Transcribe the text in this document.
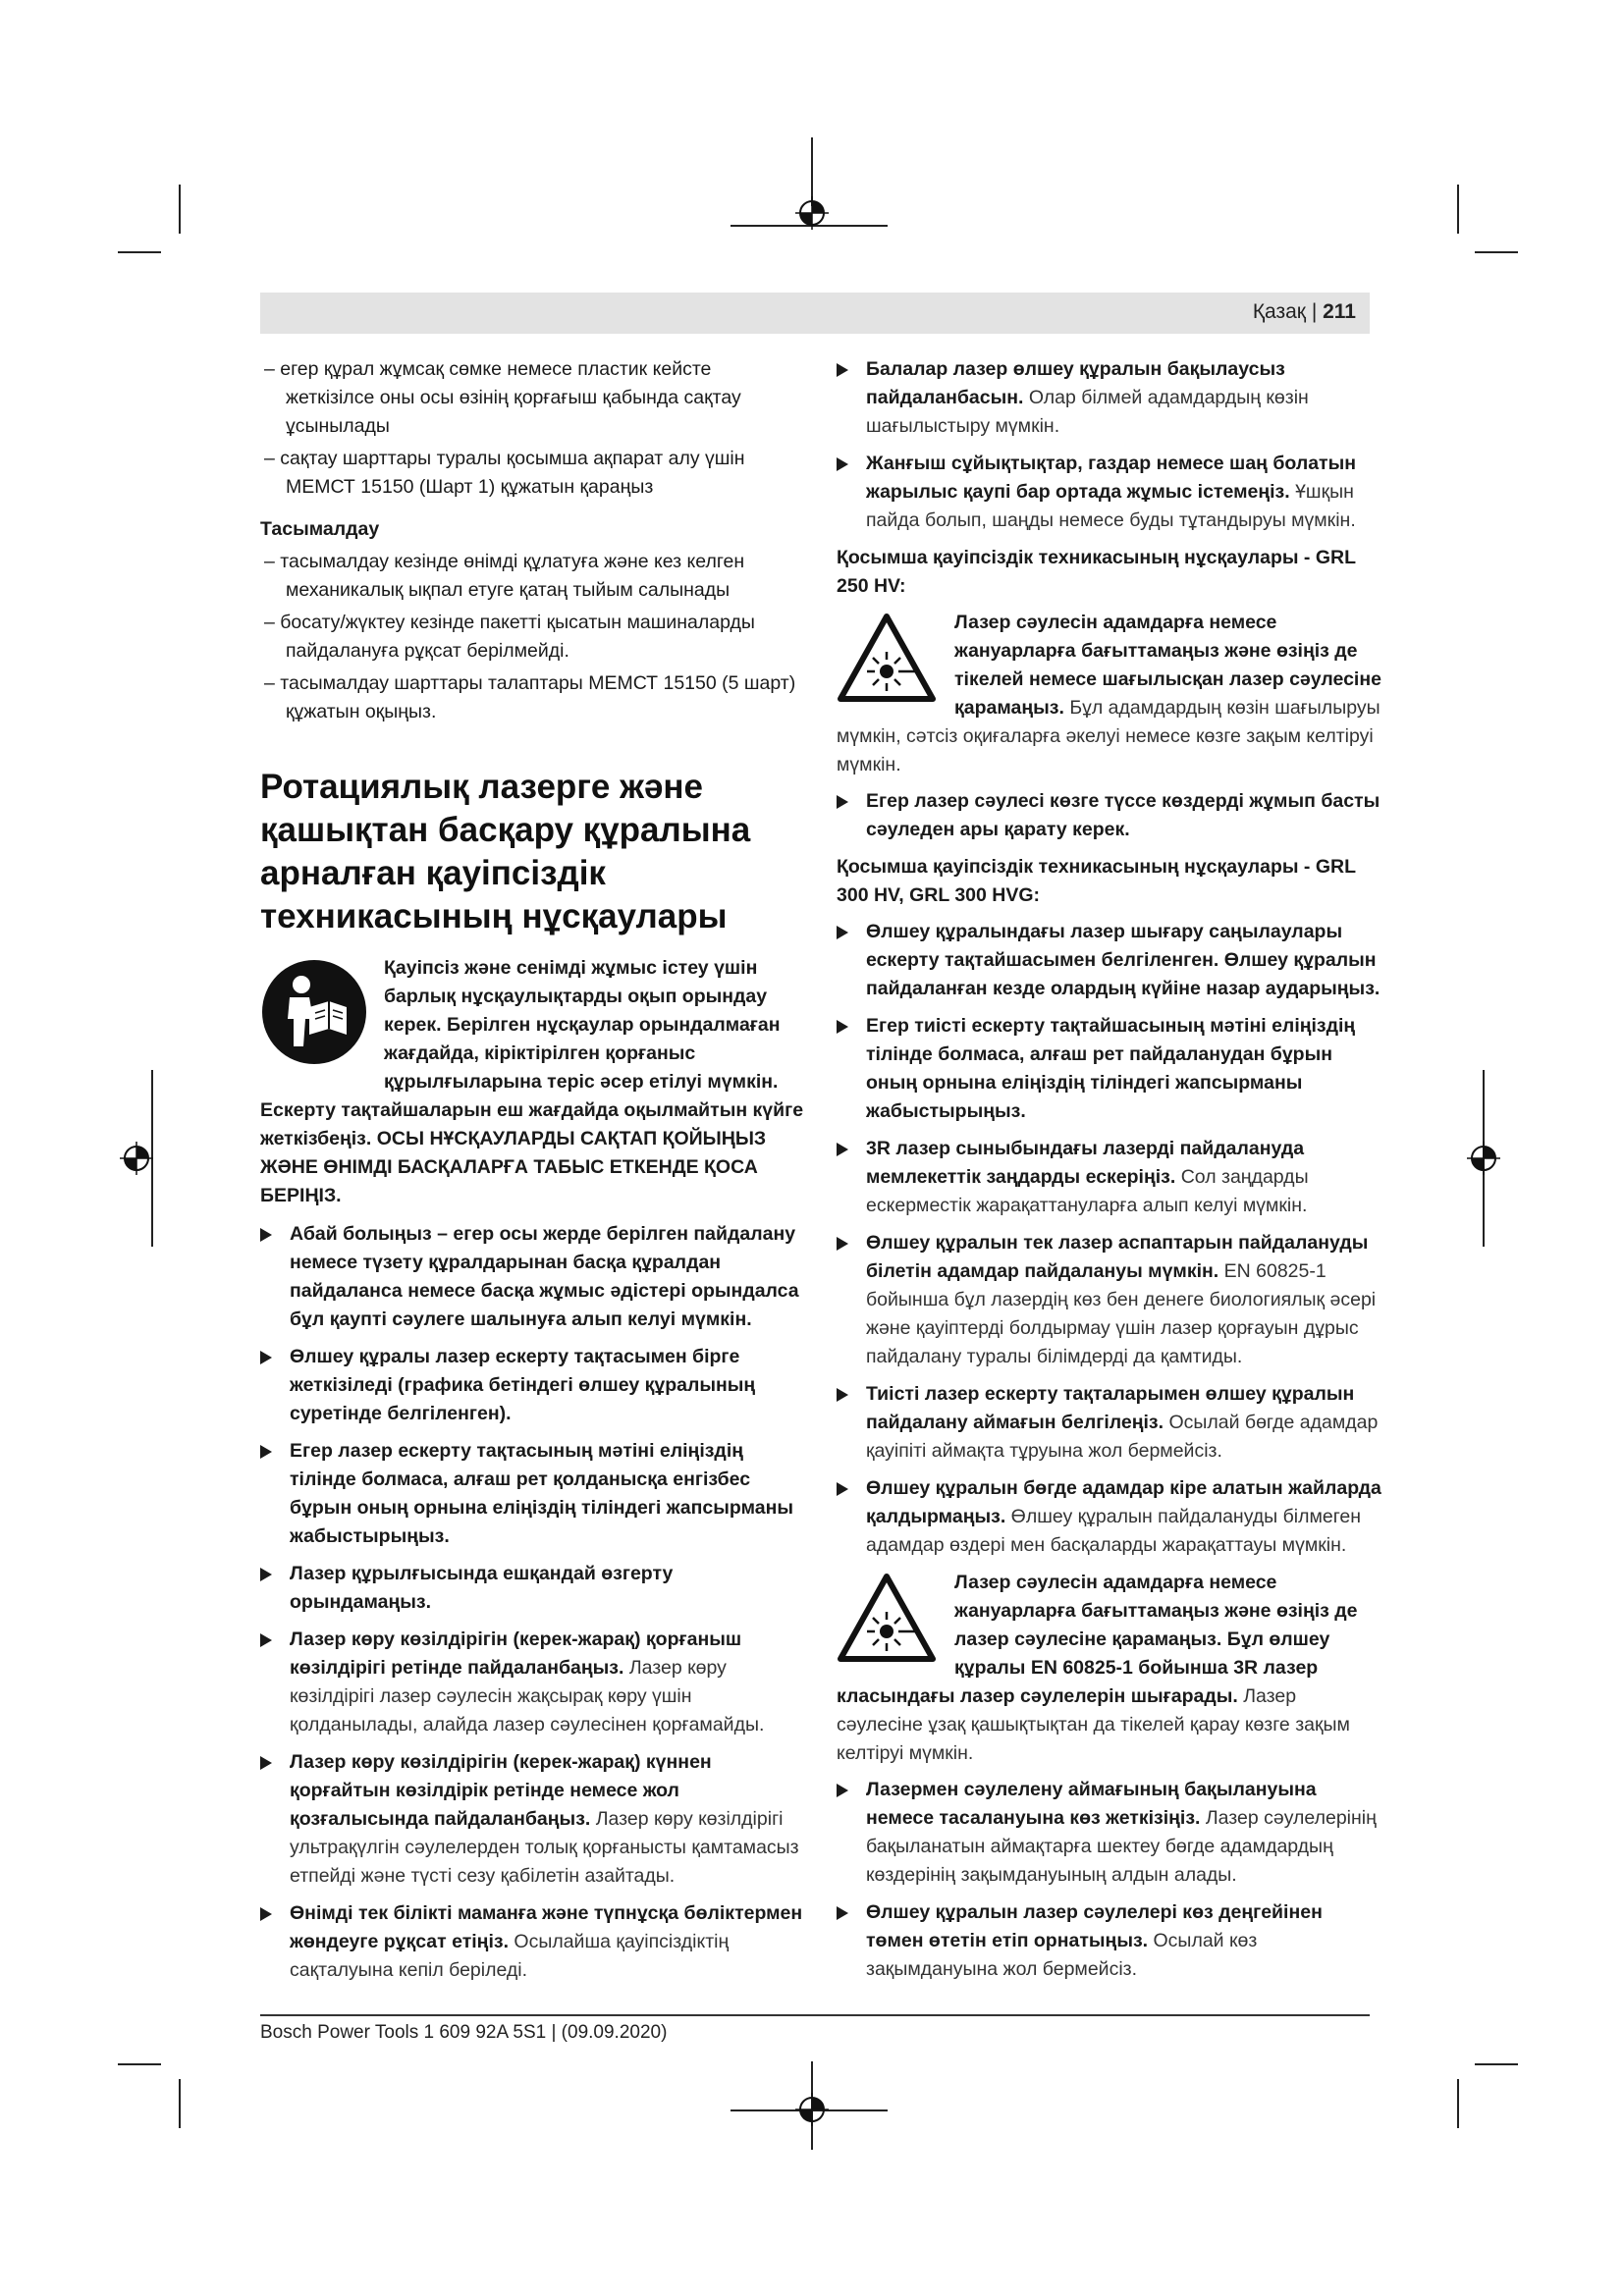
Қазақ | 211

– егер құрал жұмсақ сөмке немесе пластик кейсте жеткізілсе оны осы өзінің қорғағыш қабында сақтау ұсынылады

– сақтау шарттары туралы қосымша ақпарат алу үшін МЕМСТ 15150 (Шарт 1) құжатын қараңыз

Тасымалдау

– тасымалдау кезінде өнімді құлатуға және кез келген механикалық ықпал етуге қатаң тыйым салынады

– босату/жүктеу кезінде пакетті қысатын машиналарды пайдалануға рұқсат берілмейді.

– тасымалдау шарттары талаптары МЕМСТ 15150 (5 шарт) құжатын оқыңыз.

Ротациялық лазерге және қашықтан басқару құралына арналған қауіпсіздік техникасының нұсқаулары

Қауіпсіз және сенімді жұмыс істеу үшін барлық нұсқаулықтарды оқып орындау керек. Берілген нұсқаулар орындалмаған жағдайда, кіріктірілген қорғаныс құрылғыларына теріс әсер етілуі мүмкін. Ескерту тақтайшаларын еш жағдайда оқылмайтын күйге жеткізбеңіз. ОСЫ НҰСҚАУЛАРДЫ САҚТАП ҚОЙЫҢЫЗ ЖӘНЕ ӨНІМДІ БАСҚАЛАРҒА ТАБЫС ЕТКЕНДЕ ҚОСА БЕРІҢІЗ.

Абай болыңыз – егер осы жерде берілген пайдалану немесе түзету құралдарынан басқа құралдан пайдаланса немесе басқа жұмыс әдістері орындалса бұл қаупті сәулеге шалынуға алып келуі мүмкін.
Өлшеу құралы лазер ескерту тақтасымен бірге жеткізіледі (графика бетіндегі өлшеу құралының суретінде белгіленген).
Егер лазер ескерту тақтасының мәтіні еліңіздің тілінде болмаса, алғаш рет қолданысқа енгізбес бұрын оның орнына еліңіздің тіліндегі жапсырманы жабыстырыңыз.
Лазер құрылғысында ешқандай өзгерту орындамаңыз.
Лазер көру көзілдірігін (керек-жарақ) қорғаныш көзілдірігі ретінде пайдаланбаңыз. Лазер көру көзілдірігі лазер сәулесін жақсырақ көру үшін қолданылады, алайда лазер сәулесінен қорғамайды.
Лазер көру көзілдірігін (керек-жарақ) күннен қорғайтын көзілдірік ретінде немесе жол қозғалысында пайдаланбаңыз. Лазер көру көзілдірігі ультрақүлгін сәулелерден толық қорғанысты қамтамасыз етпейді және түсті сезу қабілетін азайтады.
Өнімді тек білікті маманға және түпнұсқа бөліктермен жөндеуге рұқсат етіңіз. Осылайша қауіпсіздіктің сақталуына кепіл беріледі.
Балалар лазер өлшеу құралын бақылаусыз пайдаланбасын. Олар білмей адамдардың көзін шағылыстыру мүмкін.
Жанғыш сұйықтықтар, газдар немесе шаң болатын жарылыс қаупі бар ортада жұмыс істемеңіз. Ұшқын пайда болып, шаңды немесе буды тұтандыруы мүмкін.

Қосымша қауіпсіздік техникасының нұсқаулары - GRL 250 HV:

Лазер сәулесін адамдарға немесе жануарларға бағыттамаңыз және өзіңіз де тікелей немесе шағылысқан лазер сәулесіне қарамаңыз. Бұл адамдардың көзін шағылыруы мүмкін, сәтсіз оқиғаларға әкелуі немесе көзге зақым келтіруі мүмкін.
Егер лазер сәулесі көзге түссе көздерді жұмып басты сәуледен ары қарату керек.

Қосымша қауіпсіздік техникасының нұсқаулары - GRL 300 HV, GRL 300 HVG:

Өлшеу құралындағы лазер шығару саңылаулары ескерту тақтайшасымен белгіленген. Өлшеу құралын пайдаланған кезде олардың күйіне назар аударыңыз.
Егер тиісті ескерту тақтайшасының мәтіні еліңіздің тілінде болмаса, алғаш рет пайдаланудан бұрын оның орнына еліңіздің тіліндегі жапсырманы жабыстырыңыз.
3R лазер сыныбындағы лазерді пайдалануда мемлекеттік заңдарды ескеріңіз. Сол заңдарды ескерместік жарақаттануларға алып келуі мүмкін.
Өлшеу құралын тек лазер аспаптарын пайдалануды білетін адамдар пайдалануы мүмкін. EN 60825-1 бойынша бұл лазердің көз бен денеге биологиялық әсері және қауіптерді болдырмау үшін лазер қорғауын дұрыс пайдалану туралы білімдерді да қамтиды.
Тиісті лазер ескерту тақталарымен өлшеу құралын пайдалану аймағын белгілеңіз. Осылай бөгде адамдар қауіпіті аймақта тұруына жол бермейсіз.
Өлшеу құралын бөгде адамдар кіре алатын жайларда қалдырмаңыз. Өлшеу құралын пайдалануды білмеген адамдар өздері мен басқаларды жарақаттауы мүмкін.
Лазер сәулесін адамдарға немесе жануарларға бағыттамаңыз және өзіңіз де лазер сәулесіне қарамаңыз. Бұл өлшеу құралы EN 60825-1 бойынша 3R лазер класындағы лазер сәулелерін шығарады. Лазер сәулесіне ұзақ қашықтықтан да тікелей қарау көзге зақым келтіруі мүмкін.
Лазермен сәулелену аймағының бақылануына немесе тасалануына көз жеткізіңіз. Лазер сәулелерінің бақыланатын аймақтарға шектеу бөгде адамдардың көздерінің зақымдануының алдын алады.
Өлшеу құралын лазер сәулелері көз деңгейінен төмен өтетін етіп орнатыңыз. Осылай көз зақымдануына жол бермейсіз.
Bosch Power Tools 1 609 92A 5S1 | (09.09.2020)
